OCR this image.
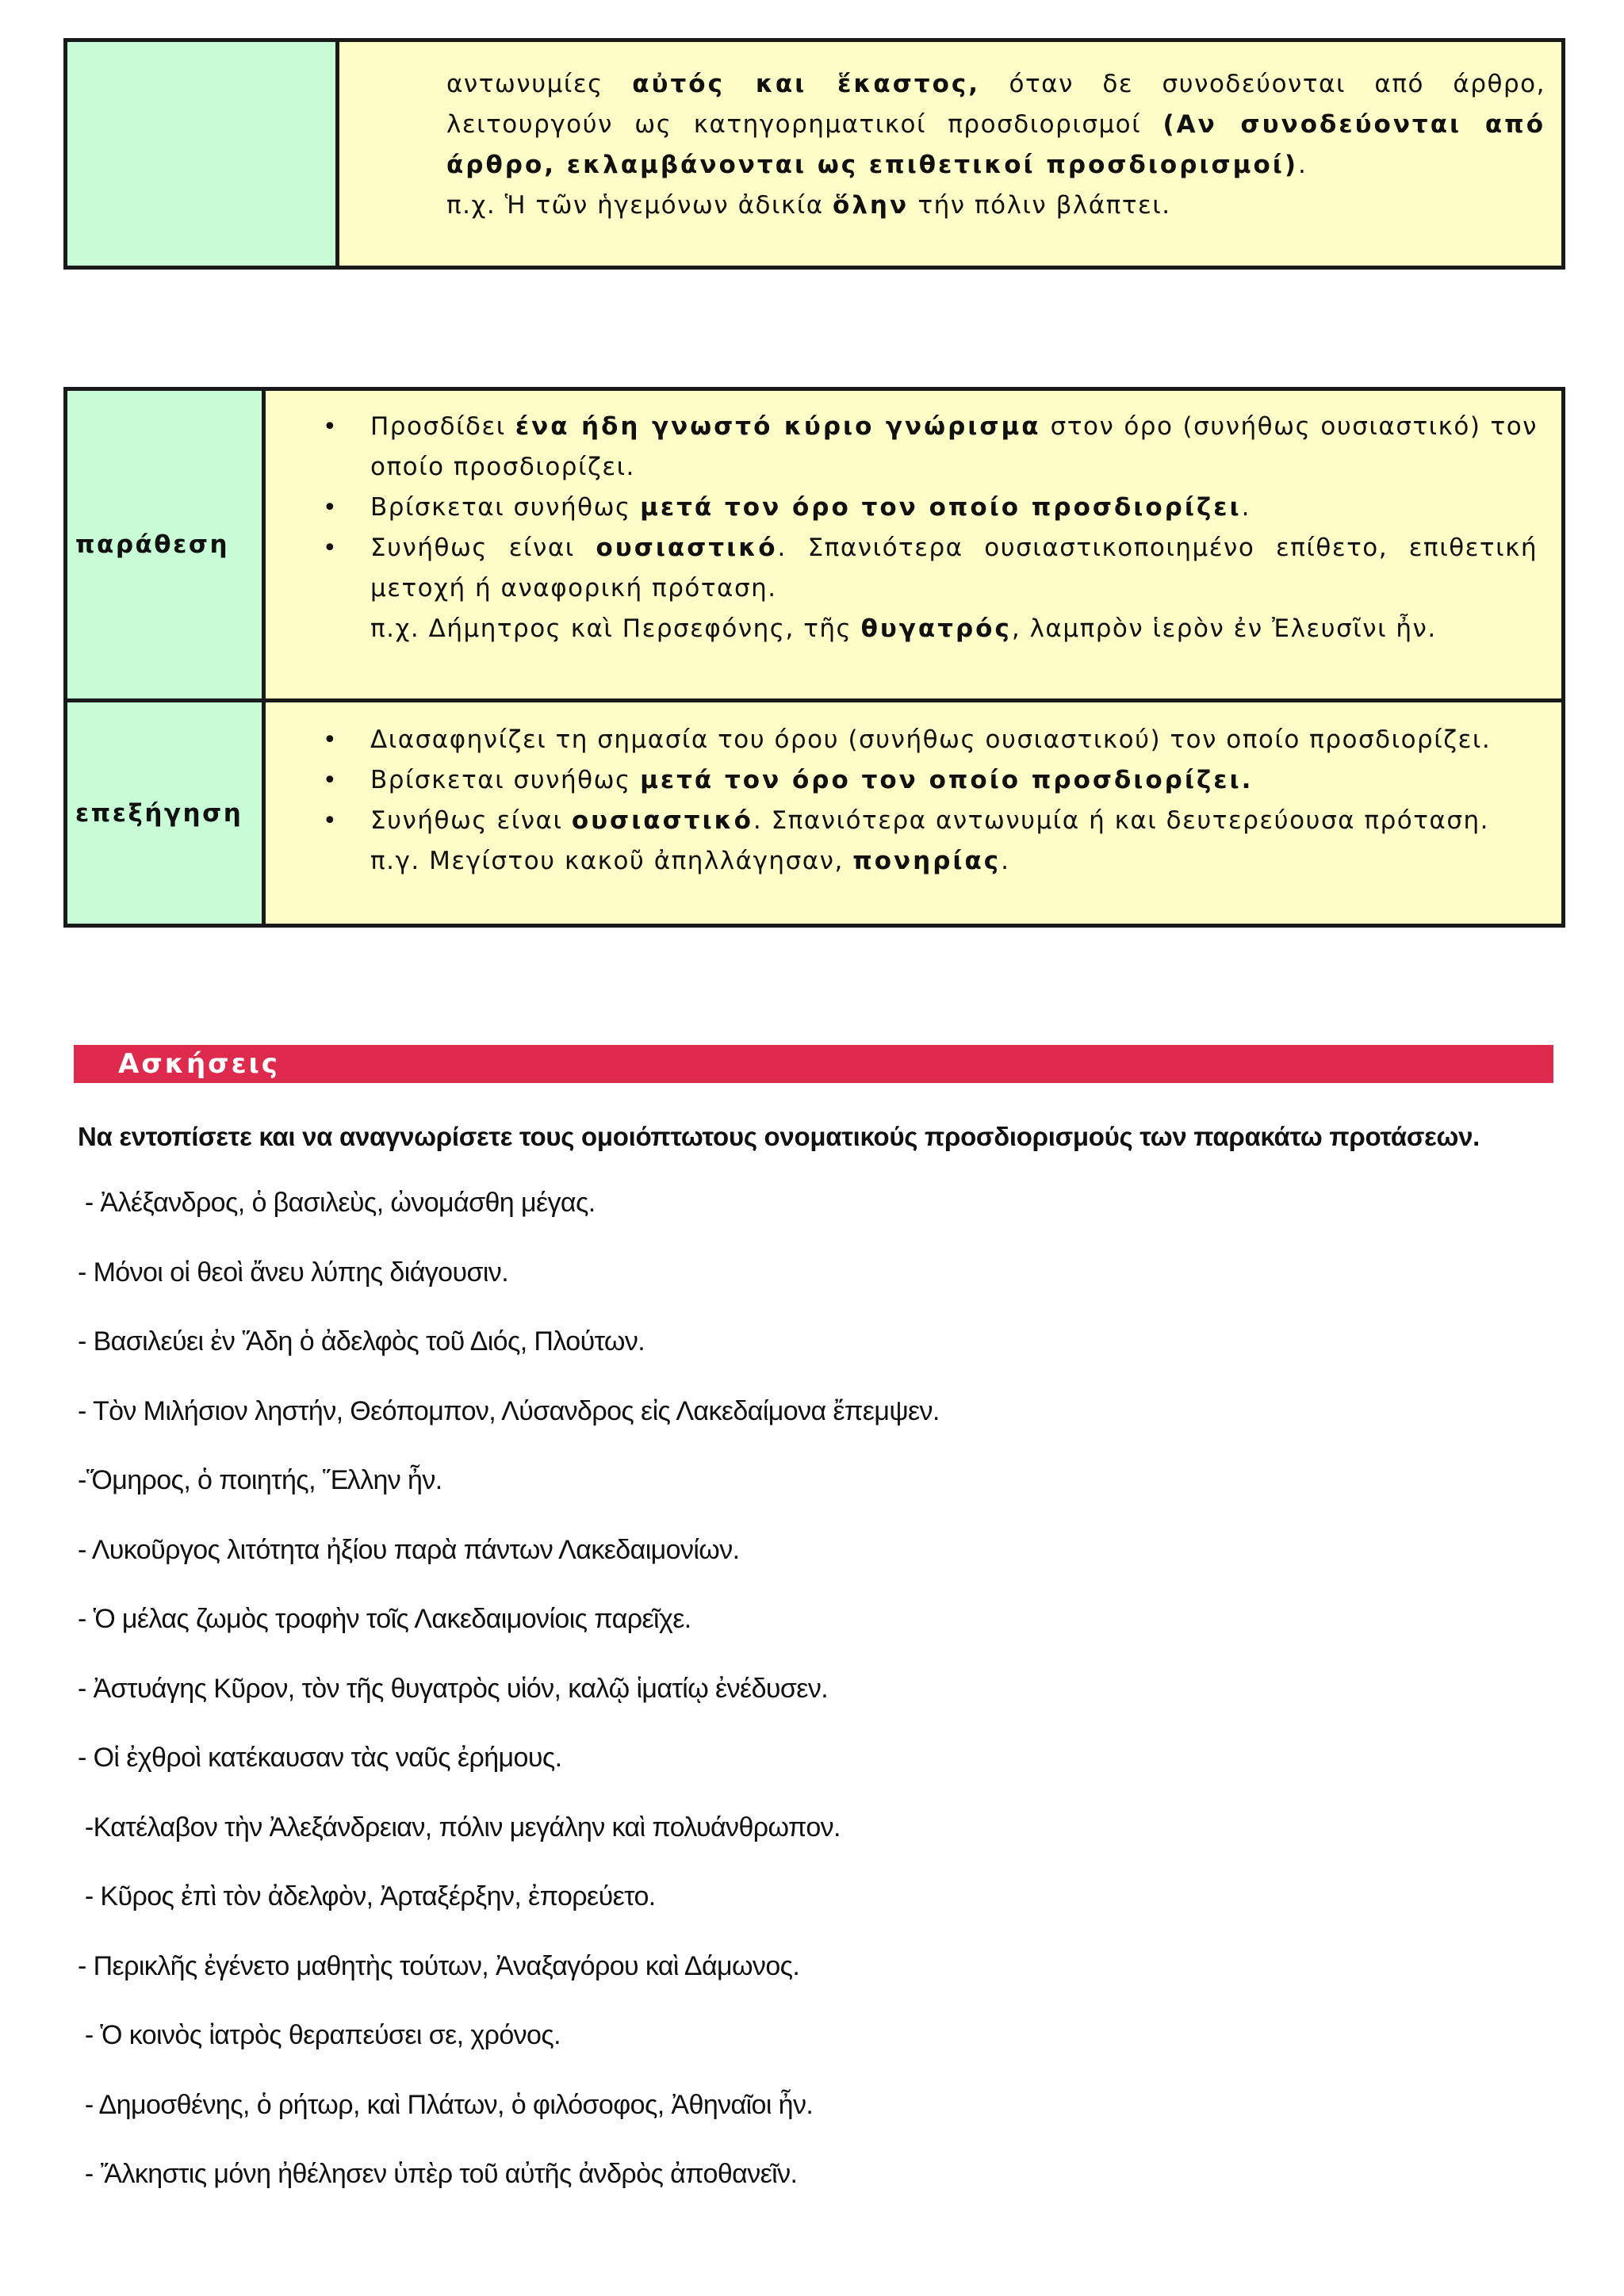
αντωνυμίες αὐτός και ἕκαστος, όταν δε συνοδεύονται από άρθρο, λειτουργούν ως κατηγορηματικοί προσδιορισμοί (Αν συνοδεύονται από άρθρο, εκλαμβάνονται ως επιθετικοί προσδιορισμοί).
π.χ. Ἡ τῶν ἡγεμόνων ἀδικία ὅλην τήν πόλιν βλάπτει.

παράθεση
• Προσδίδει ένα ήδη γνωστό κύριο γνώρισμα στον όρο (συνήθως ουσιαστικό) τον οποίο προσδιορίζει.
• Βρίσκεται συνήθως μετά τον όρο τον οποίο προσδιορίζει.
• Συνήθως είναι ουσιαστικό. Σπανιότερα ουσιαστικοποιημένο επίθετο, επιθετική μετοχή ή αναφορική πρόταση.
π.χ. Δήμητρος καὶ Περσεφόνης, τῆς θυγατρός, λαμπρὸν ἱερὸν ἐν Ἐλευσῖνι ἦν.
επεξήγηση
• Διασαφηνίζει τη σημασία του όρου (συνήθως ουσιαστικού) τον οποίο προσδιορίζει.
• Βρίσκεται συνήθως μετά τον όρο τον οποίο προσδιορίζει.
• Συνήθως είναι ουσιαστικό. Σπανιότερα αντωνυμία ή και δευτερεύουσα πρόταση.
π.γ. Μεγίστου κακοῦ ἀπηλλάγησαν, πονηρίας.
Ασκήσεις
Να εντοπίσετε και να αναγνωρίσετε τους ομοιόπτωτους ονοματικούς προσδιορισμούς των παρακάτω προτάσεων.
- Ἀλέξανδρος, ὁ βασιλεὺς, ὠνομάσθη μέγας.
- Μόνοι οἱ θεοὶ ἄνευ λύπης διάγουσιν.
- Βασιλεύει ἐν Ἅδη ὁ ἀδελφὸς τοῦ Διός, Πλούτων.
- Τὸν Μιλήσιον ληστήν, Θεόπομπον, Λύσανδρος εἰς Λακεδαίμονα ἔπεμψεν.
-Ὅμηρος, ὁ ποιητής, Ἕλλην ἦν.
- Λυκοῦργος λιτότητα ἠξίου παρὰ πάντων Λακεδαιμονίων.
- Ὁ μέλας ζωμὸς τροφὴν τοῖς Λακεδαιμονίοις παρεῖχε.
- Ἀστυάγης Κῦρον, τὸν τῆς θυγατρὸς υἱόν, καλῷ ἱματίῳ ἐνέδυσεν.
- Οἱ ἐχθροὶ κατέκαυσαν τὰς ναῦς ἐρήμους.
-Κατέλαβον τὴν Ἀλεξάνδρειαν, πόλιν μεγάλην καὶ πολυάνθρωπον.
- Κῦρος ἐπὶ τὸν ἀδελφὸν, Ἀρταξέρξην, ἐπορεύετο.
- Περικλῆς ἐγένετο μαθητὴς τούτων, Ἀναξαγόρου καὶ Δάμωνος.
- Ὁ κοινὸς ἰατρὸς θεραπεύσει σε, χρόνος.
- Δημοσθένης, ὁ ρήτωρ, καὶ Πλάτων, ὁ φιλόσοφος, Ἀθηναῖοι ἦν.
- Ἄλκηστις μόνη ἠθέλησεν ὑπὲρ τοῦ αὐτῆς ἀνδρὸς ἀποθανεῖν.
